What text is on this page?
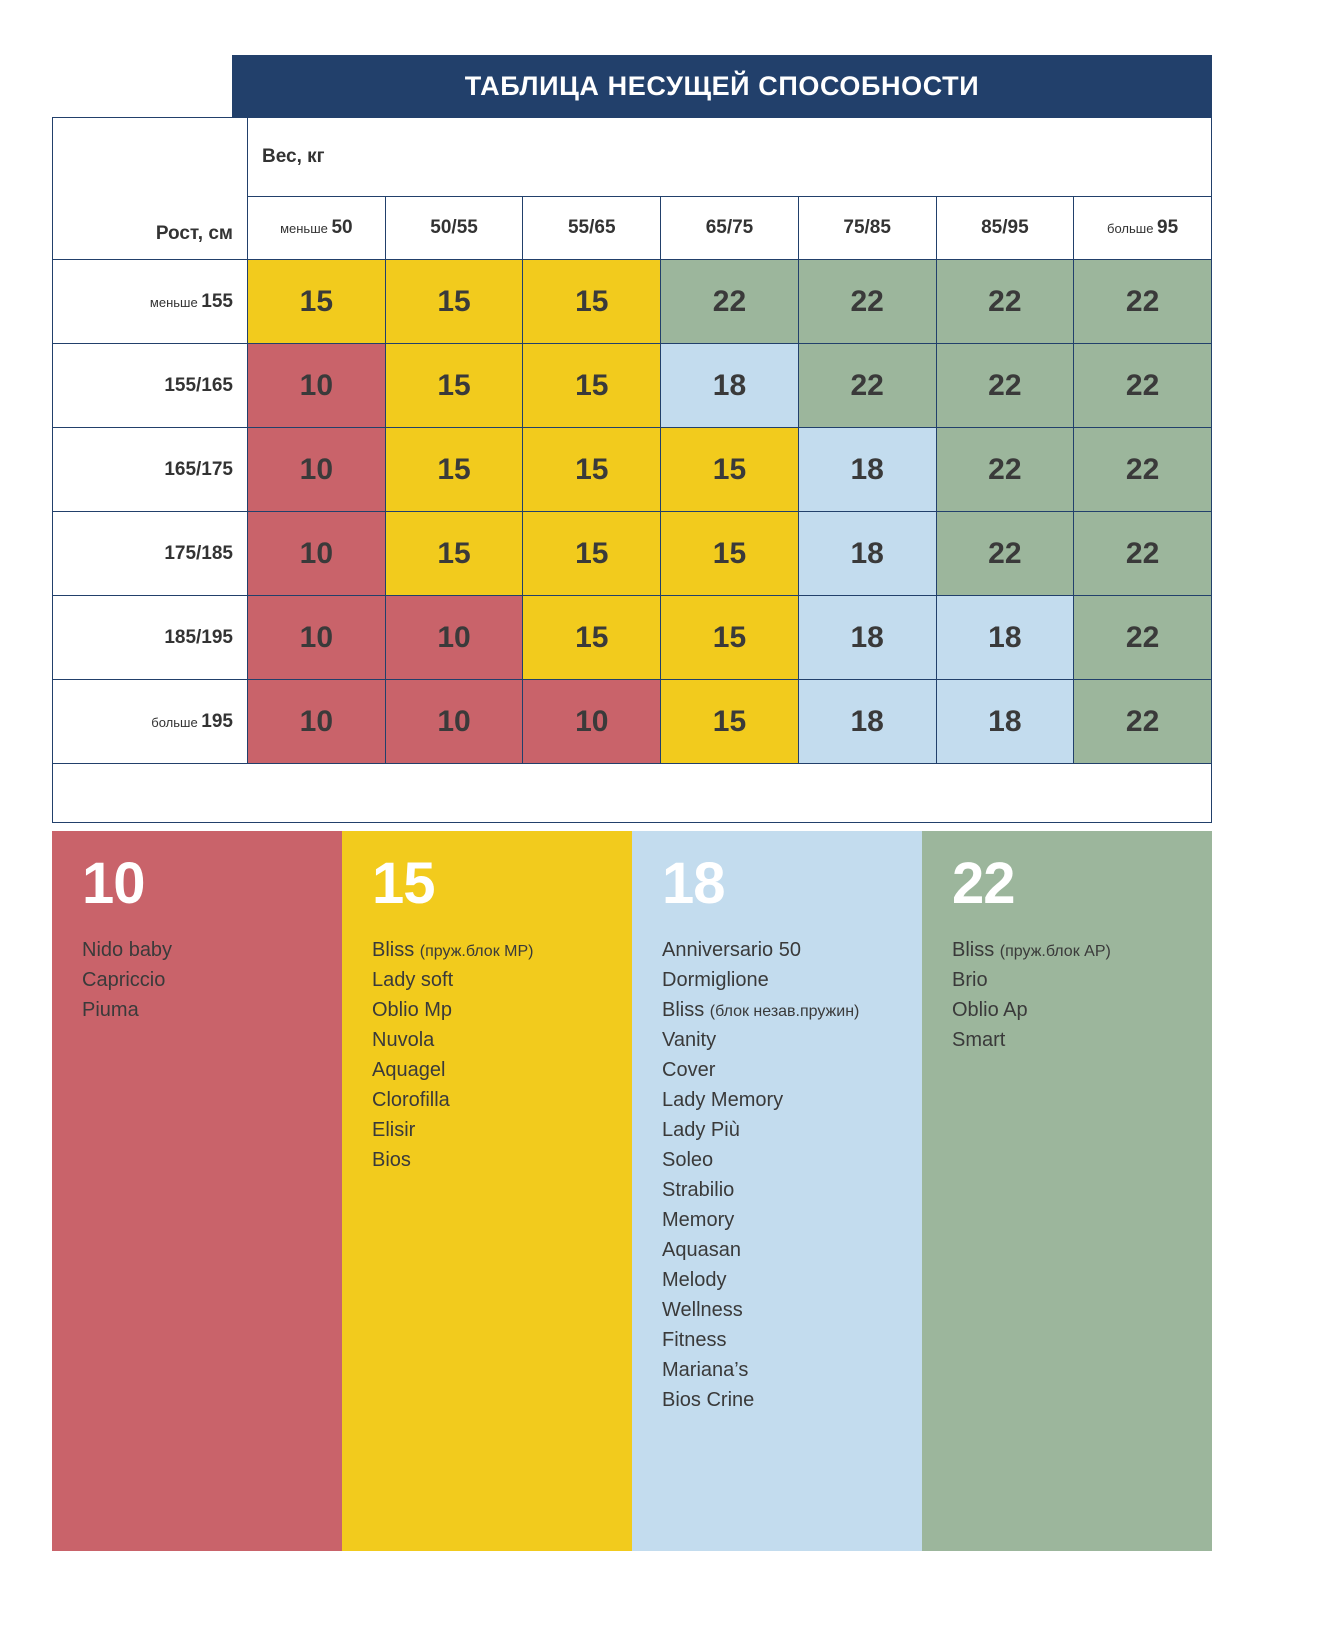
ТАБЛИЦА НЕСУЩЕЙ СПОСОБНОСТИ
Рост, см	Вес, кг						
	меньше 50	50/55	55/65	65/75	75/85	85/95	больше 95
меньше 155	15	15	15	22	22	22	22
155/165	10	15	15	18	22	22	22
165/175	10	15	15	15	18	22	22
175/185	10	15	15	15	18	22	22
185/195	10	10	15	15	18	18	22
больше 195	10	10	10	15	18	18	22

10
Nido baby
Capriccio
Piuma
15
Bliss (пруж.блок MP)
Lady soft
Oblio Mp
Nuvola
Aquagel
Clorofilla
Elisir
Bios
18
Anniversario 50
Dormiglione
Bliss (блок незав.пружин)
Vanity
Cover
Lady Memory
Lady Più
Soleo
Strabilio
Memory
Aquasan
Melody
Wellness
Fitness
Mariana’s
Bios Crine
22
Bliss (пруж.блок AP)
Brio
Oblio Ap
Smart
